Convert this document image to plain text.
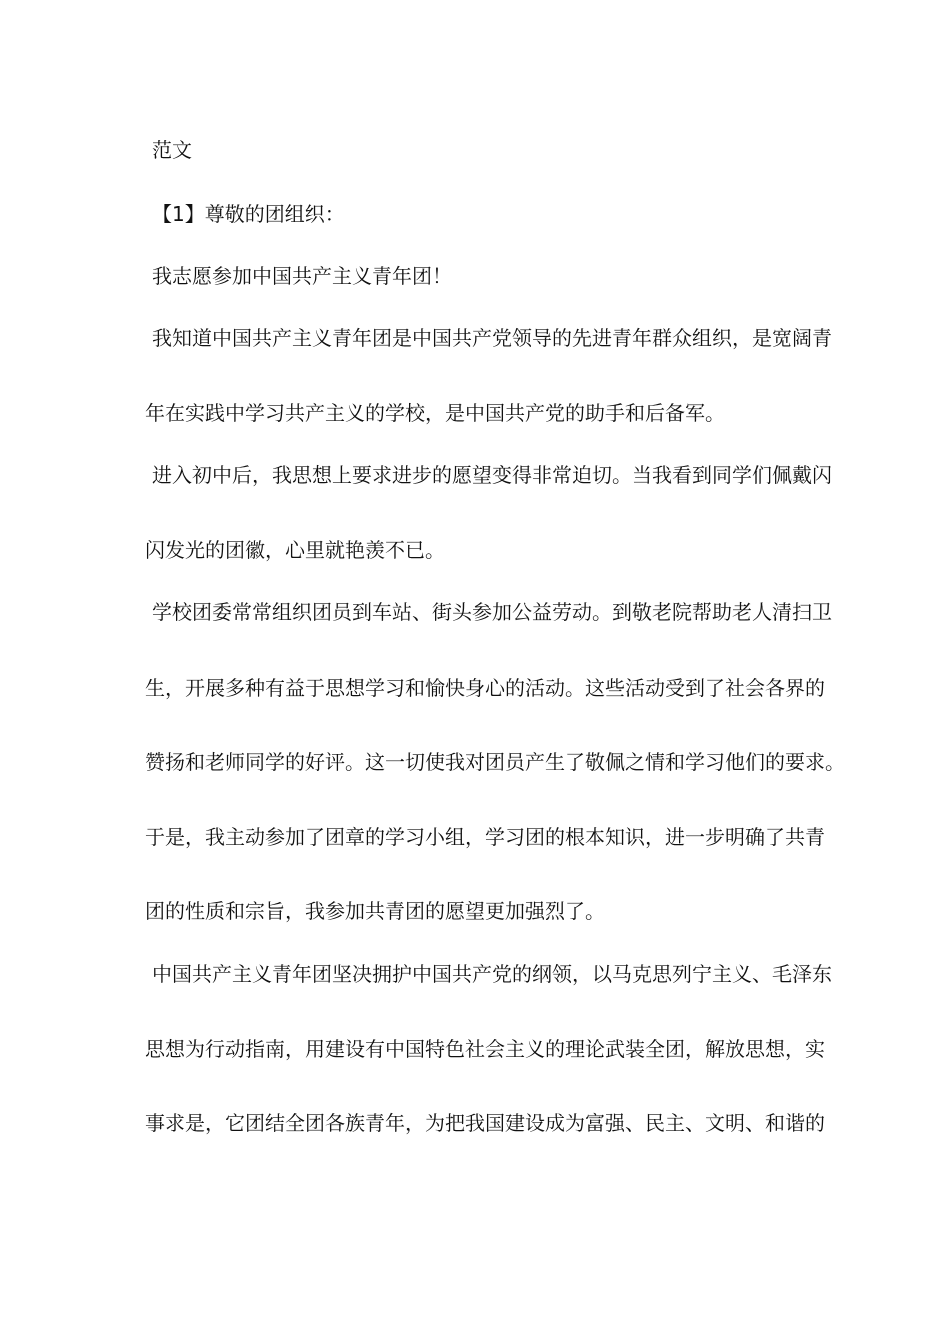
范文
【1】尊敬的团组织：
我志愿参加中国共产主义青年团！
我知道中国共产主义青年团是中国共产党领导的先进青年群众组织，是宽阔青
年在实践中学习共产主义的学校，是中国共产党的助手和后备军。
进入初中后，我思想上要求进步的愿望变得非常迫切。当我看到同学们佩戴闪
闪发光的团徽，心里就艳羡不已。
学校团委常常组织团员到车站、街头参加公益劳动。到敬老院帮助老人清扫卫
生，开展多种有益于思想学习和愉快身心的活动。这些活动受到了社会各界的
赞扬和老师同学的好评。这一切使我对团员产生了敬佩之情和学习他们的要求。
于是，我主动参加了团章的学习小组，学习团的根本知识，进一步明确了共青
团的性质和宗旨，我参加共青团的愿望更加强烈了。
中国共产主义青年团坚决拥护中国共产党的纲领，以马克思列宁主义、毛泽东
思想为行动指南，用建设有中国特色社会主义的理论武装全团，解放思想，实
事求是，它团结全团各族青年，为把我国建设成为富强、民主、文明、和谐的
